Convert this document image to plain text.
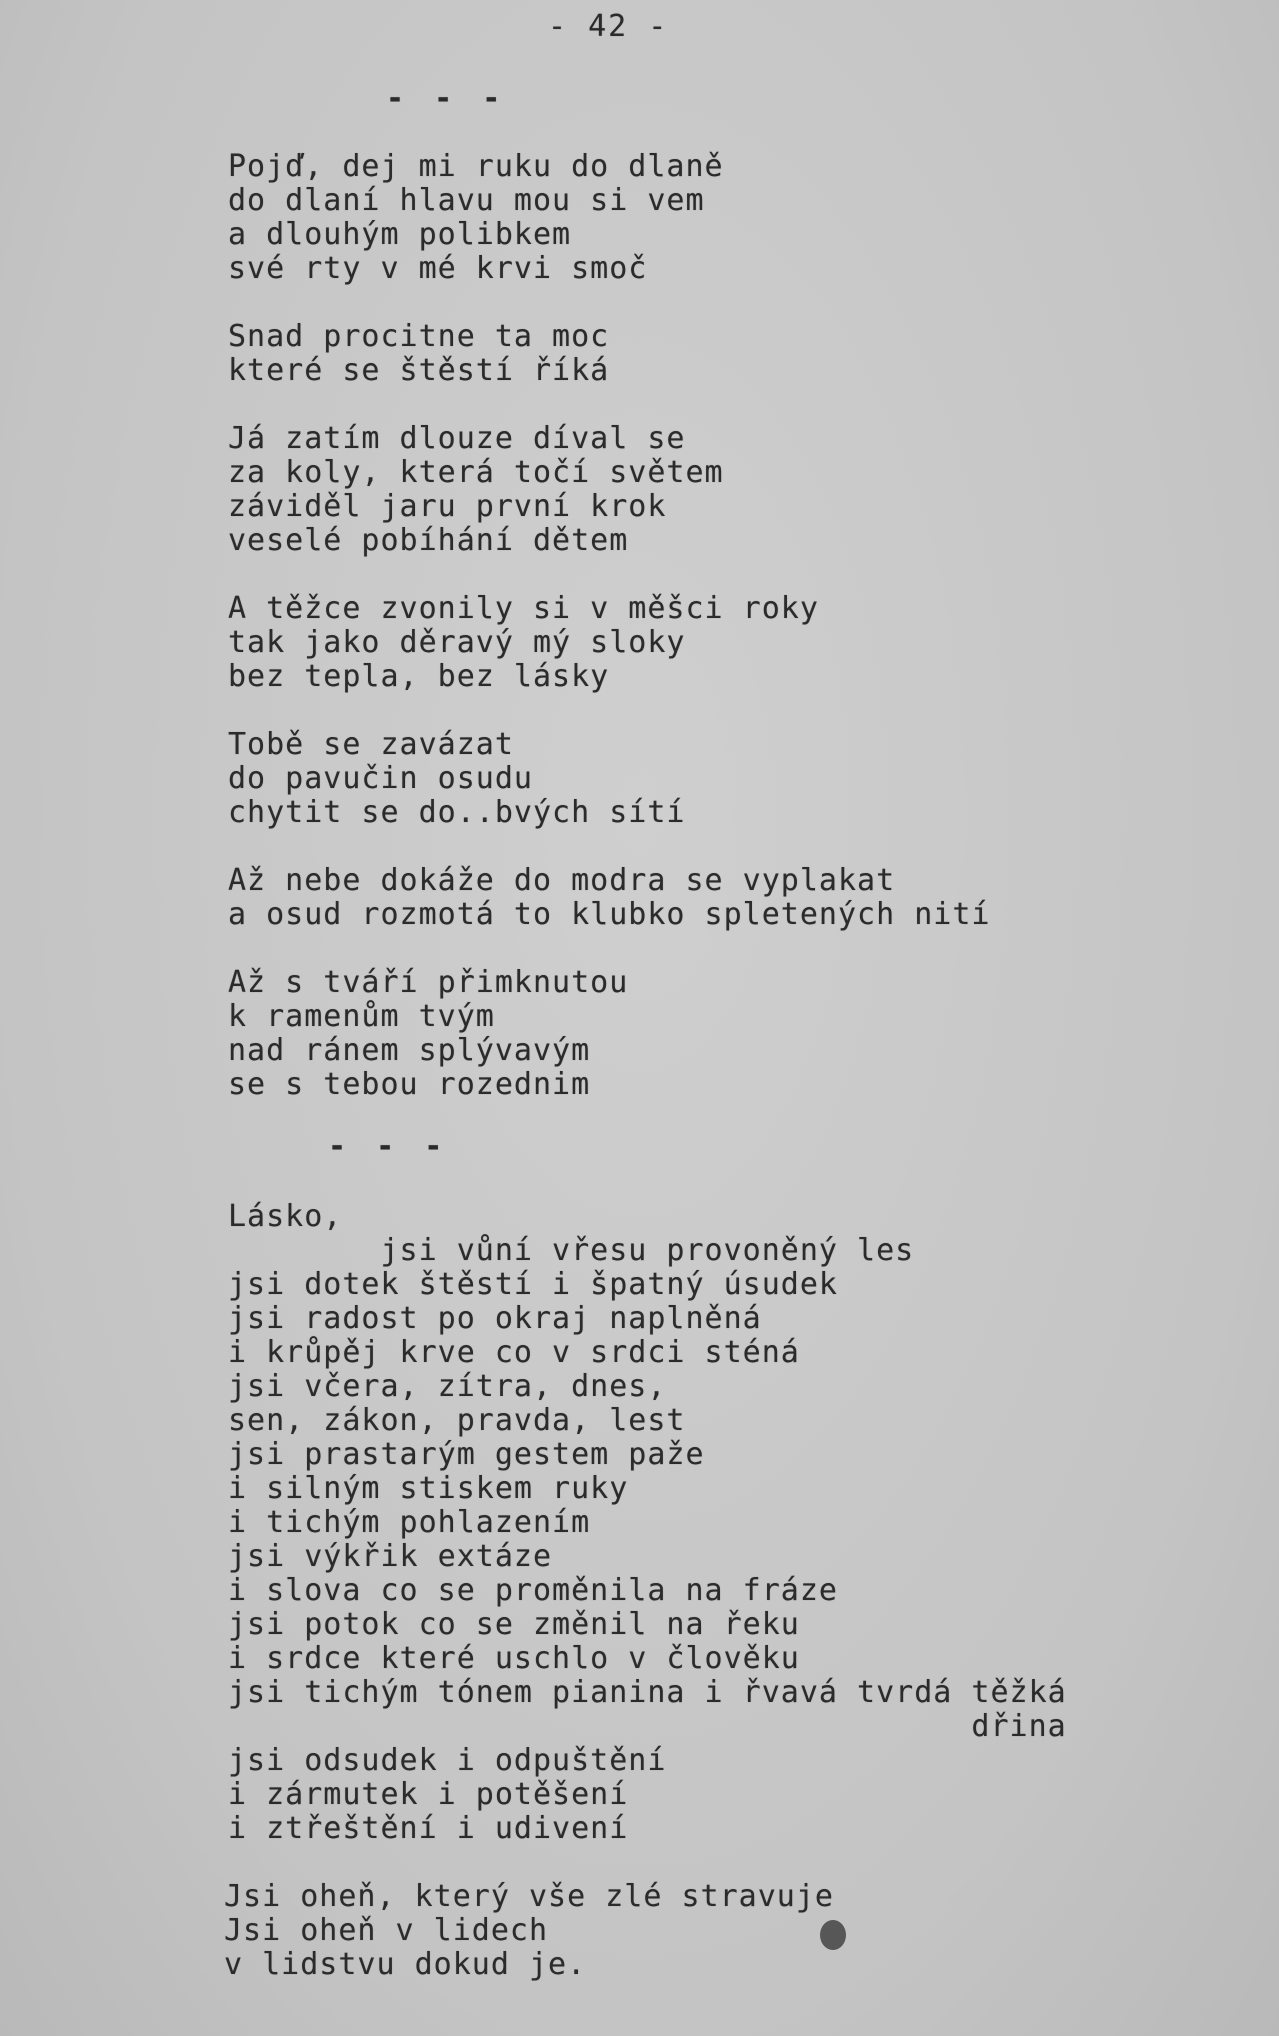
- 42 -
- - -
Pojď, dej mi ruku do dlaně
do dlaní hlavu mou si vem
a dlouhým polibkem
své rty v mé krvi smoč
Snad procitne ta moc
které se štěstí říká
Já zatím dlouze díval se
za koly, která točí světem
záviděl jaru první krok
veselé pobíhání dětem
A těžce zvonily si v měšci roky
tak jako děravý mý sloky
bez tepla, bez lásky
Tobě se zavázat
do pavučin osudu
chytit se do..bvých sítí
Až nebe dokáže do modra se vyplakat
a osud rozmotá to klubko spletených nití
Až s tváří přimknutou
k ramenům tvým
nad ránem splývavým
se s tebou rozednim
- - -
Lásko,
jsi vůní vřesu provoněný les
jsi dotek štěstí i špatný úsudek
jsi radost po okraj naplněná
i krůpěj krve co v srdci sténá
jsi včera, zítra, dnes,
sen, zákon, pravda, lest
jsi prastarým gestem paže
i silným stiskem ruky
i tichým pohlazením
jsi výkřik extáze
i slova co se proměnila na fráze
jsi potok co se změnil na řeku
i srdce které uschlo v člověku
jsi tichým tónem pianina i řvavá tvrdá těžká
dřina
jsi odsudek i odpuštění
i zármutek i potěšení
i ztřeštění i udivení
Jsi oheň, který vše zlé stravuje
Jsi oheň v lidech
v lidstvu dokud je.
